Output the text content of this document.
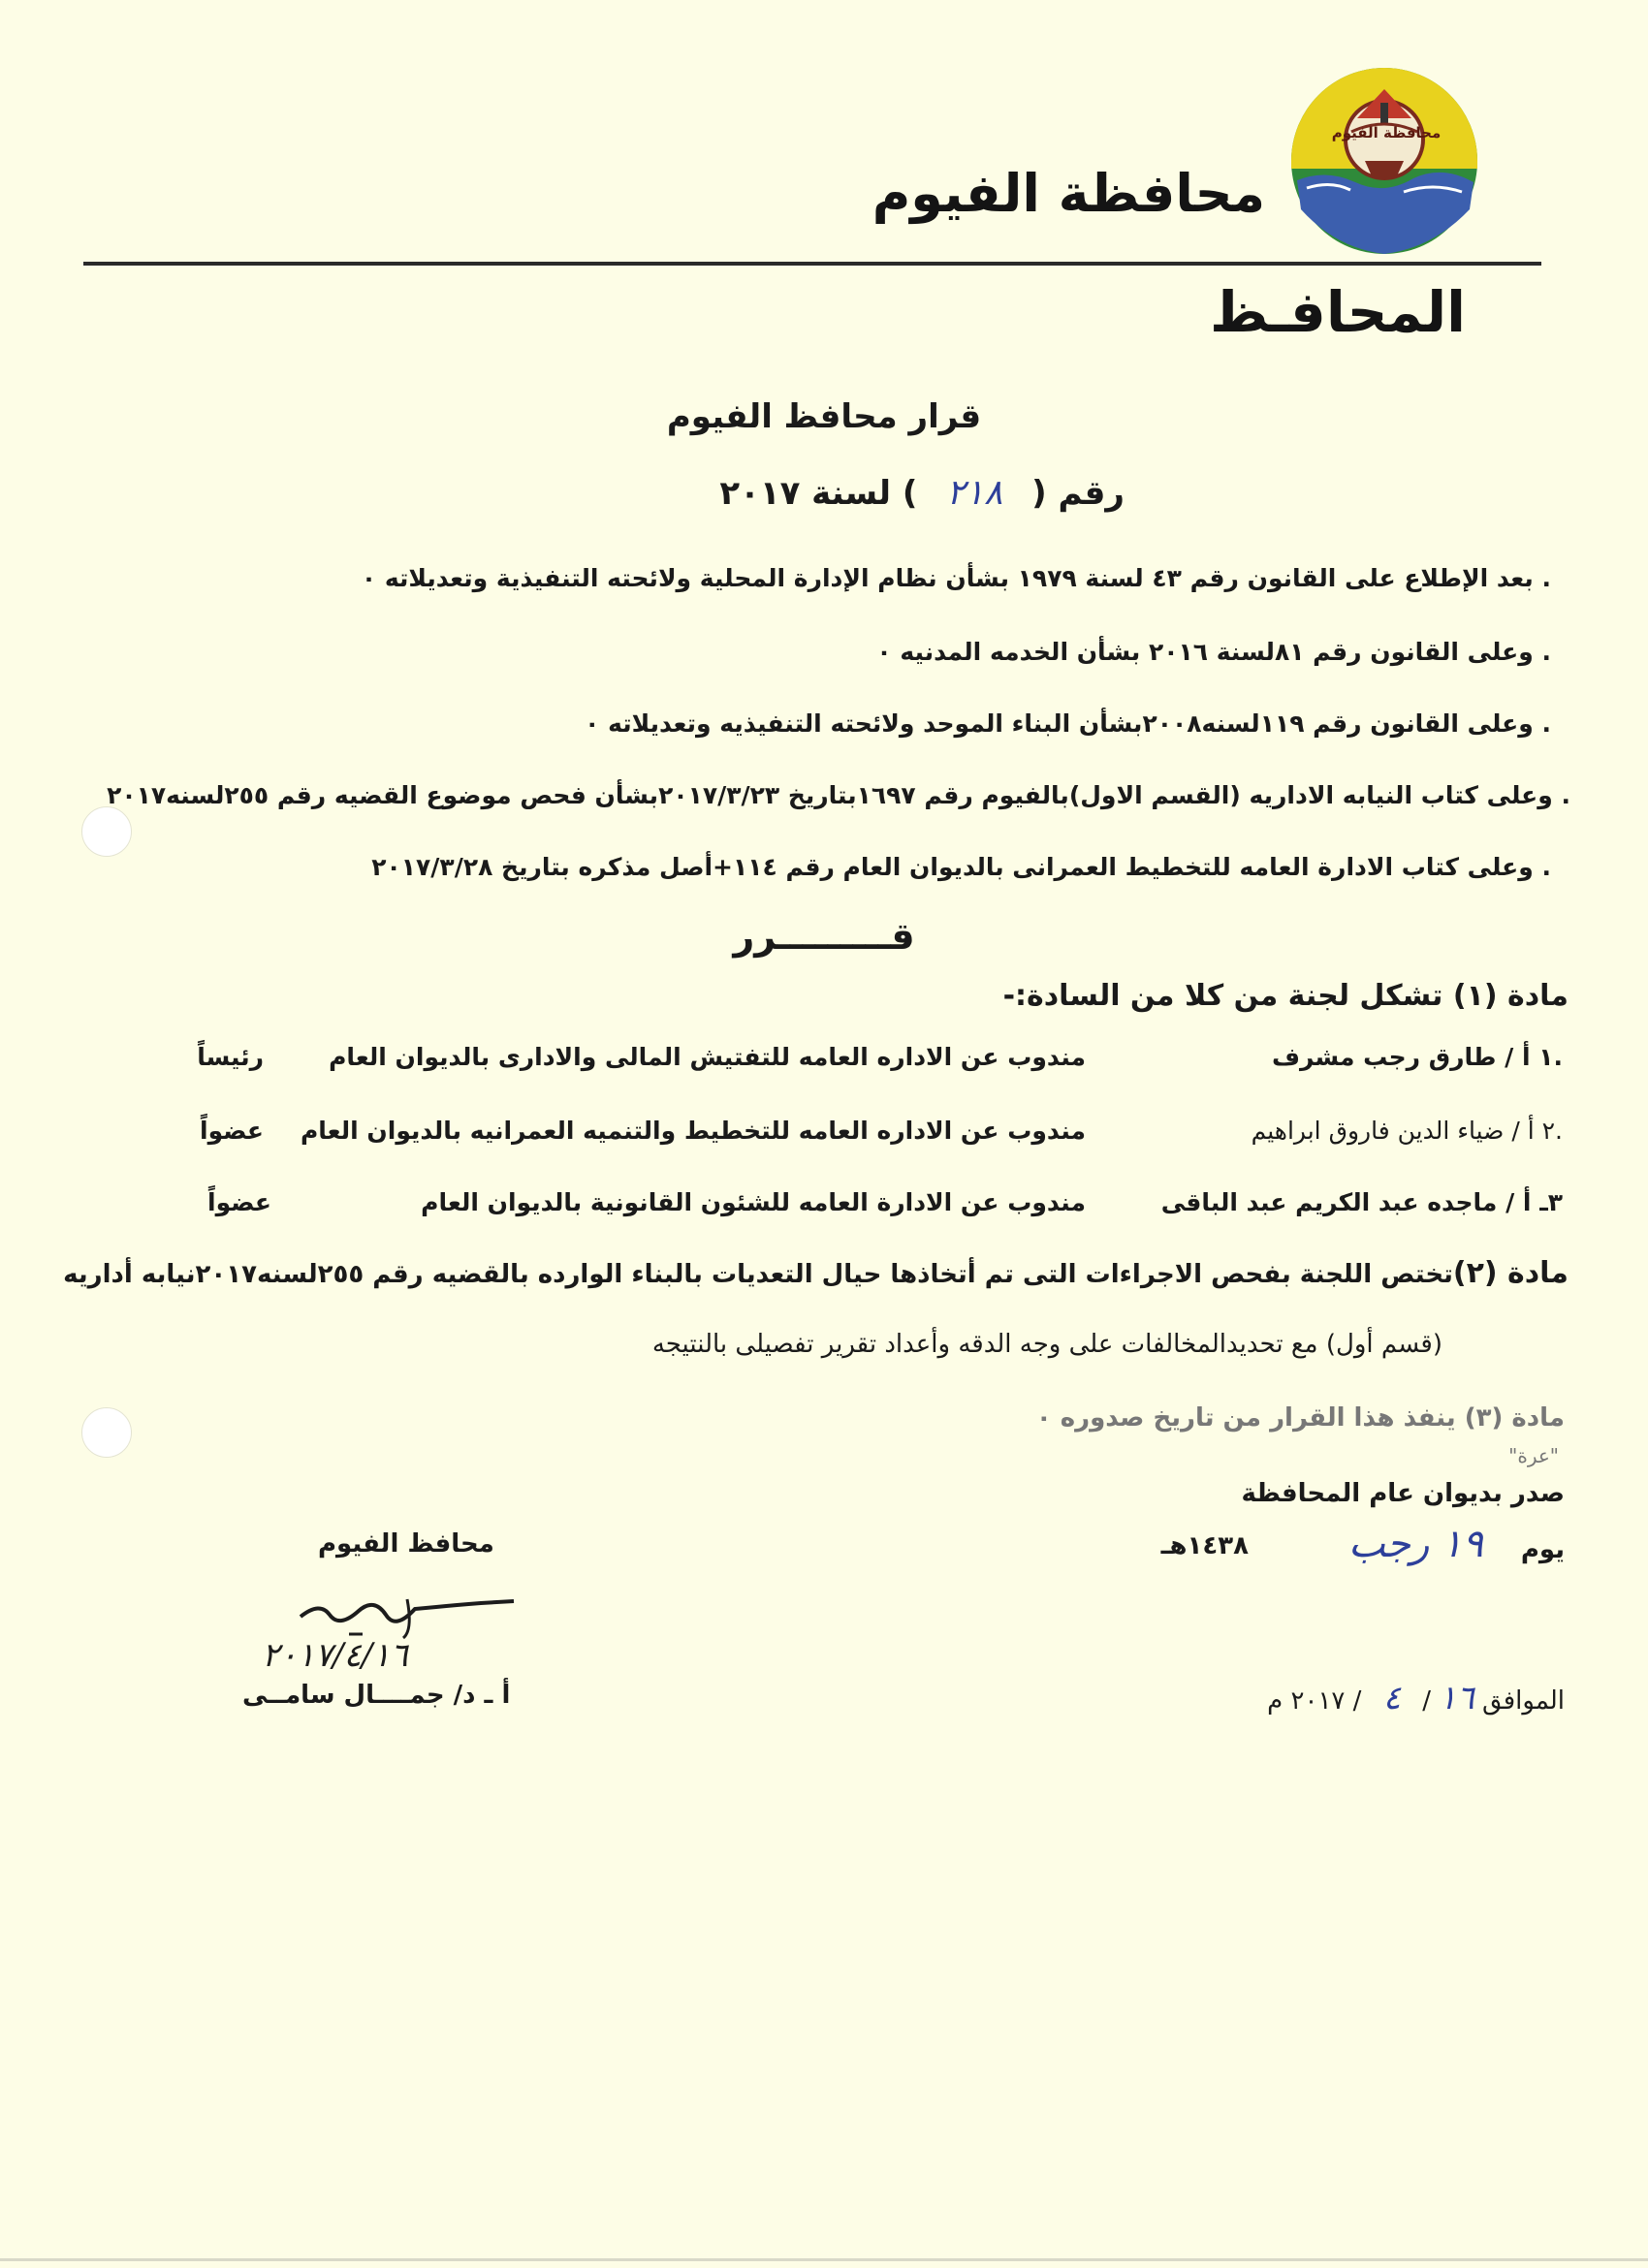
محافظة الفيوم
محافظة الفيوم
المحافـظ
قرار محافظ الفيوم
رقم ( ٢١٨ ) لسنة ٢٠١٧
. بعد الإطلاع على القانون رقم ٤٣ لسنة ١٩٧٩ بشأن نظام الإدارة المحلية ولائحته التنفيذية وتعديلاته ٠
. وعلى القانون رقم ٨١لسنة ٢٠١٦ بشأن الخدمه المدنيه ٠
. وعلى القانون رقم ١١٩لسنه٢٠٠٨بشأن البناء الموحد ولائحته التنفيذيه وتعديلاته ٠
. وعلى كتاب النيابه الاداريه (القسم الاول)بالفيوم رقم ١٦٩٧بتاريخ ٢٠١٧/٣/٢٣بشأن فحص موضوع القضيه رقم ٢٥٥لسنه٢٠١٧
. وعلى كتاب الادارة العامه للتخطيط العمرانى بالديوان العام رقم ١١٤+أصل مذكره بتاريخ ٢٠١٧/٣/٢٨
قـــــــــرر
مادة (١) تشكل لجنة من كلا من السادة:-
.١ أ / طارق رجب مشرف
مندوب عن الاداره العامه للتفتيش المالى والادارى بالديوان العام
رئيساً
.٢ أ / ضياء الدين فاروق ابراهيم
مندوب عن الاداره العامه للتخطيط والتنميه العمرانيه بالديوان العام
عضواً
٣ـ أ / ماجده عبد الكريم عبد الباقى
مندوب عن الادارة العامه للشئون القانونية بالديوان العام
عضواً
مادة (٢)تختص اللجنة بفحص الاجراءات التى تم أتخاذها حيال التعديات بالبناء الوارده بالقضيه رقم ٢٥٥لسنه٢٠١٧نيابه أداريه
(قسم أول) مع تحديدالمخالفات على وجه الدقه وأعداد تقرير تفصيلى بالنتيجه
مادة (٣) ينفذ هذا القرار من تاريخ صدوره ٠
"عرة"
صدر بديوان عام المحافظة
يوم
١٩ رجب
١٤٣٨هـ
الموافق ١٦ / ٤ / ٢٠١٧ م
محافظ الفيوم
٢٠١٧/٤/١٦
أ ـ د/ جمــــال سامــى
